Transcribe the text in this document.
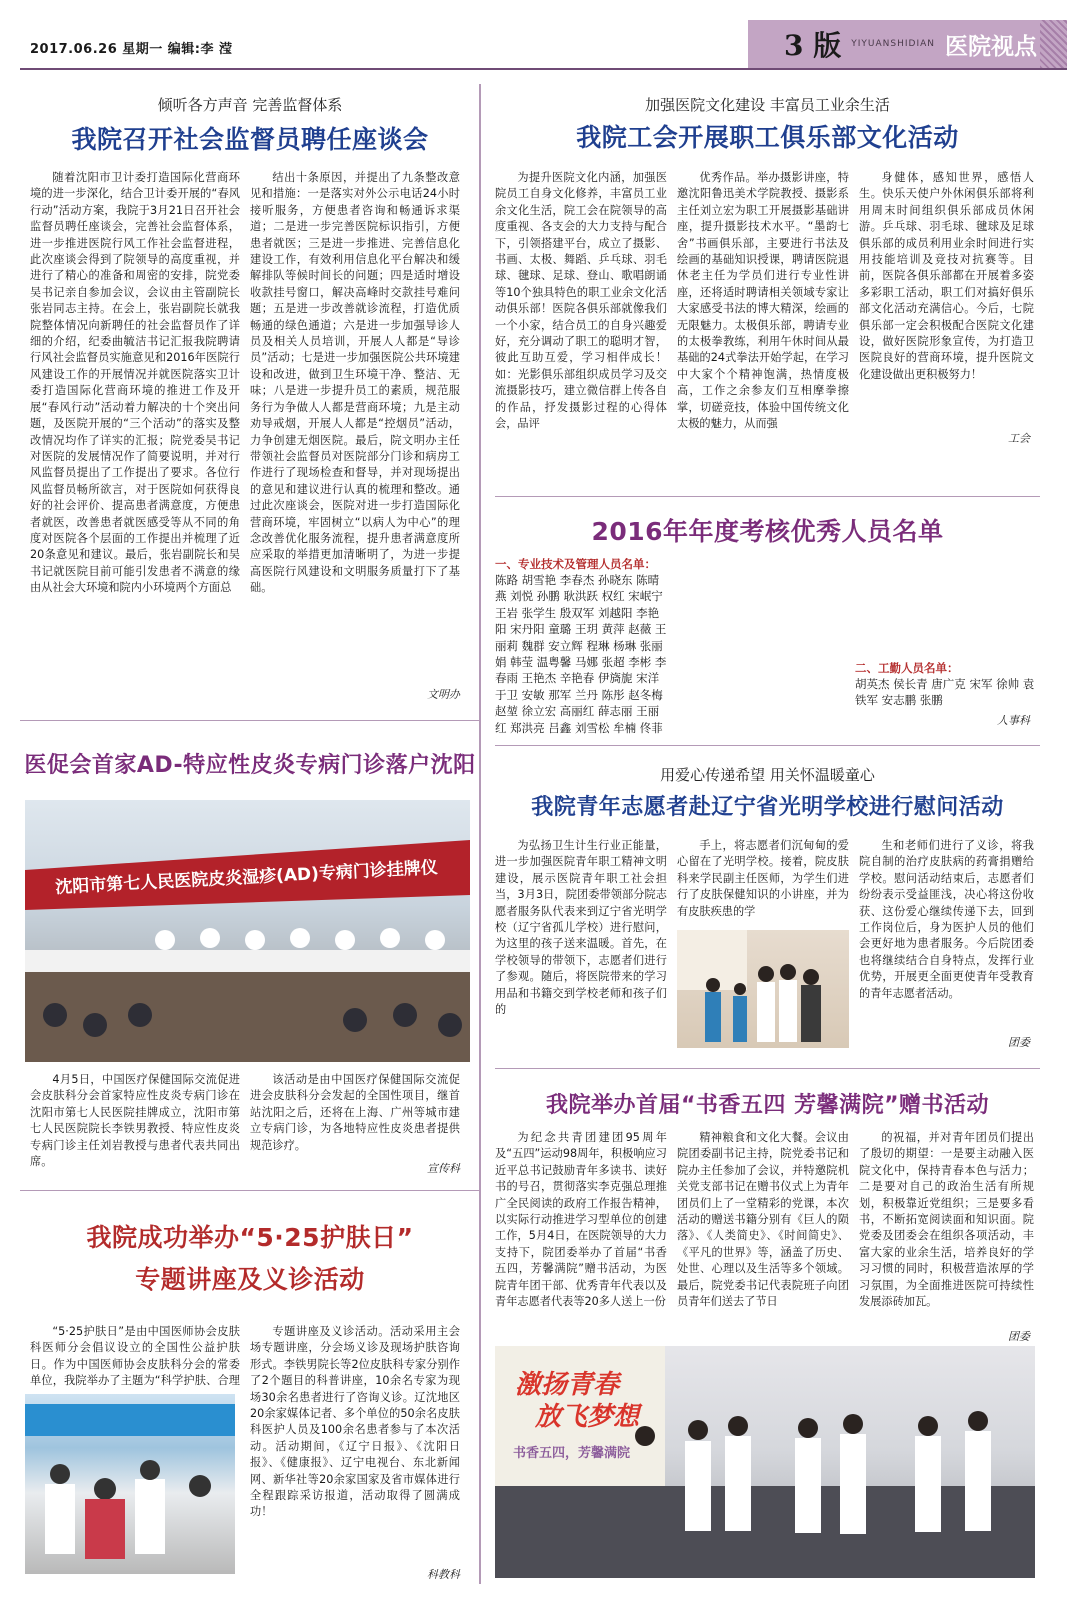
2017.06.26 星期一 编辑:李 滢	3 版 YIYUANSHIDIAN 医院视点
倾听各方声音 完善监督体系
我院召开社会监督员聘任座谈会
随着沈阳市卫计委打造国际化营商环境的进一步深化，结合卫计委开展的“春风行动”活动方案，我院于3月21日召开社会监督员聘任座谈会，完善社会监督体系，进一步推进医院行风工作社会监督进程，此次座谈会得到了院领导的高度重视，并进行了精心的准备和周密的安排，院党委吴书记亲自参加会议，会议由主管副院长张岩同志主持。在会上，张岩副院长就我院整体情况向新聘任的社会监督员作了详细的介绍，纪委曲毓洁书记汇报我院聘请行风社会监督员实施意见和2016年医院行风建设工作的开展情况并就医院落实卫计委打造国际化营商环境的推进工作及开展“春风行动”活动着力解决的十个突出问题，及医院开展的“三个活动”的落实及整改情况均作了详实的汇报；院党委吴书记对医院的发展情况作了简要说明，并对行风监督员提出了工作提出了要求。各位行风监督员畅所欲言，对于医院如何获得良好的社会评价、提高患者满意度，方便患者就医，改善患者就医感受等从不同的角度对医院各个层面的工作提出并梳理了近20条意见和建议。最后，张岩副院长和吴书记就医院目前可能引发患者不满意的缘由从社会大环境和院内小环境两个方面总
结出十条原因，并提出了九条整改意见和措施：一是落实对外公示电话24小时接听服务，方便患者咨询和畅通诉求渠道；二是进一步完善医院标识指引，方便患者就医；三是进一步推进、完善信息化建设工作，有效利用信息化平台解决和缓解排队等候时间长的问题；四是适时增设收款挂号窗口，解决高峰时交款挂号难问题；五是进一步改善就诊流程，打造优质畅通的绿色通道；六是进一步加强导诊人员及相关人员培训，开展人人都是“导诊员”活动；七是进一步加强医院公共环境建设和改进，做到卫生环境干净、整洁、无味；八是进一步提升员工的素质，规范服务行为争做人人都是营商环境；九是主动劝导戒烟，开展人人都是“控烟员”活动，力争创建无烟医院。最后，院文明办主任带领社会监督员对医院部分门诊和病房工作进行了现场检查和督导，并对现场提出的意见和建议进行认真的梳理和整改。通过此次座谈会，医院对进一步打造国际化营商环境，牢固树立“以病人为中心”的理念改善优化服务流程，提升患者满意度所应采取的举措更加清晰明了，为进一步提高医院行风建设和文明服务质量打下了基础。
文明办
加强医院文化建设 丰富员工业余生活
我院工会开展职工俱乐部文化活动
为提升医院文化内涵，加强医院员工自身文化修养，丰富员工业余文化生活，院工会在院领导的高度重视、各支会的大力支持与配合下，引领搭建平台，成立了摄影、书画、太极、舞蹈、乒乓球、羽毛球、毽球、足球、登山、歌唱朗诵等10个独具特色的职工业余文化活动俱乐部！医院各俱乐部就像我们一个小家，结合员工的自身兴趣爱好，充分调动了职工的聪明才智，彼此互助互爱，学习相伴成长！如：光影俱乐部组织成员学习及交流摄影技巧，建立微信群上传各自的作品，抒发摄影过程的心得体会，品评
优秀作品。举办摄影讲座，特邀沈阳鲁迅美术学院教授、摄影系主任刘立宏为职工开展摄影基础讲座，提升摄影技术水平。“墨韵七舍”书画俱乐部，主要进行书法及绘画的基础知识授课，聘请医院退休老主任为学员们进行专业性讲座，还将适时聘请相关领域专家让大家感受书法的博大精深，绘画的无限魅力。太极俱乐部，聘请专业的太极拳教练，利用午休时间从最基础的24式拳法开始学起，在学习中大家个个精神饱满，热情度极高，工作之余参友们互相摩拳擦掌，切磋竞技，体验中国传统文化太极的魅力，从而强
身健体，感知世界，感悟人生。快乐天使户外休闲俱乐部将利用周末时间组织俱乐部成员休闲游。乒乓球、羽毛球、毽球及足球俱乐部的成员利用业余时间进行实用技能培训及竞技对抗赛等。目前，医院各俱乐部都在开展着多姿多彩职工活动，职工们对搞好俱乐部文化活动充满信心。今后，七院俱乐部一定会积极配合医院文化建设，做好医院形象宣传，为打造卫医院良好的营商环境，提升医院文化建设做出更积极努力！
工会
2016年年度考核优秀人员名单
一、专业技术及管理人员名单：
陈路 胡雪艳 李春杰 孙晓东 陈晴燕 刘悦 孙鹏 耿洪跃 权红 宋岷宁 王岩 张学生 殷双军 刘越阳 李艳阳 宋丹阳 童璐 王玥 黄萍 赵薇 王丽莉 魏群 安立辉 程琳 杨琳 张丽娟 韩莹 温粤馨 马娜 张超 李彬 李春雨 王艳杰 辛艳春 伊旖旎 宋洋 于卫 安敏 那军 兰丹 陈彤 赵冬梅 赵堃 徐立宏 高丽红 薛志丽 王丽红 郑洪亮 吕鑫 刘雪松 牟楠 佟菲
二、工勤人员名单：
胡英杰 侯长青 唐广克 宋军 徐帅 袁铁军 安志鹏 张鹏
人事科
医促会首家AD-特应性皮炎专病门诊落户沈阳
沈阳市第七人民医院皮炎湿疹(AD)专病门诊挂牌仪
4月5日，中国医疗保健国际交流促进会皮肤科分会首家特应性皮炎专病门诊在沈阳市第七人民医院挂牌成立，沈阳市第七人民医院院长李铁男教授、特应性皮炎专病门诊主任刘岩教授与患者代表共同出席。
该活动是由中国医疗保健国际交流促进会皮肤科分会发起的全国性项目，继首站沈阳之后，还将在上海、广州等城市建立专病门诊，为各地特应性皮炎患者提供规范诊疗。
宣传科
用爱心传递希望 用关怀温暖童心
我院青年志愿者赴辽宁省光明学校进行慰问活动
为弘扬卫生计生行业正能量，进一步加强医院青年职工精神文明建设，展示医院青年职工社会担当，3月3日，院团委带领部分院志愿者服务队代表来到辽宁省光明学校（辽宁省孤儿学校）进行慰问，为这里的孩子送来温暖。首先，在学校领导的带领下，志愿者们进行了参观。随后，将医院带来的学习用品和书籍交到学校老师和孩子们的
手上，将志愿者们沉甸甸的爱心留在了光明学校。接着，院皮肤科来学民副主任医师，为学生们进行了皮肤保健知识的小讲座，并为有皮肤疾患的学
生和老师们进行了义诊，将我院自制的治疗皮肤病的药膏捐赠给学校。慰问活动结束后，志愿者们纷纷表示受益匪浅，决心将这份收获、这份爱心继续传递下去，回到工作岗位后，身为医护人员的他们会更好地为患者服务。今后院团委也将继续结合自身特点，发挥行业优势，开展更全面更使青年受教育的青年志愿者活动。
团委
我院成功举办“5·25护肤日”
专题讲座及义诊活动
“5·25护肤日”是由中国医师协会皮肤科医师分会倡议设立的全国性公益护肤日。作为中国医师协会皮肤科分会的常委单位，我院举办了主题为“科学护肤、合理
专题讲座及义诊活动。活动采用主会场专题讲座，分会场义诊及现场护肤咨询形式。李铁男院长等2位皮肤科专家分别作了2个题目的科普讲座，10余名专家为现场30余名患者进行了咨询义诊。辽沈地区20余家媒体记者、多个单位的50余名皮肤科医护人员及100余名患者参与了本次活动。活动期间，《辽宁日报》、《沈阳日报》、《健康报》、辽宁电视台、东北新闻网、新华社等20余家国家及省市媒体进行全程跟踪采访报道，活动取得了圆满成功！
科教科
我院举办首届“书香五四 芳馨满院”赠书活动
为纪念共青团建团95周年及“五四”运动98周年，积极响应习近平总书记鼓励青年多读书、读好书的号召，贯彻落实李克强总理推广全民阅读的政府工作报告精神，以实际行动推进学习型单位的创建工作，5月4日，在医院领导的大力支持下，院团委举办了首届“书香五四，芳馨满院”赠书活动，为医院青年团干部、优秀青年代表以及青年志愿者代表等20多人送上一份
精神粮食和文化大餐。会议由院团委副书记主持，院党委书记和院办主任参加了会议，并特邀院机关党支部书记在赠书仪式上为青年团员们上了一堂精彩的党课，本次活动的赠送书籍分别有《巨人的陨落》、《人类简史》、《时间简史》、《平凡的世界》等，涵盖了历史、处世、心理以及生活等多个领域。最后，院党委书记代表院班子向团员青年们送去了节日
的祝福，并对青年团员们提出了殷切的期望：一是要主动融入医院文化中，保持青春本色与活力；二是要对自己的政治生活有所规划，积极靠近党组织；三是要多看书，不断拓宽阅读面和知识面。院党委及团委会在组织各项活动，丰富大家的业余生活，培养良好的学习习惯的同时，积极营造浓厚的学习氛围，为全面推进医院可持续性发展添砖加瓦。
团委
激扬青春
放飞梦想
书香五四，芳馨满院
